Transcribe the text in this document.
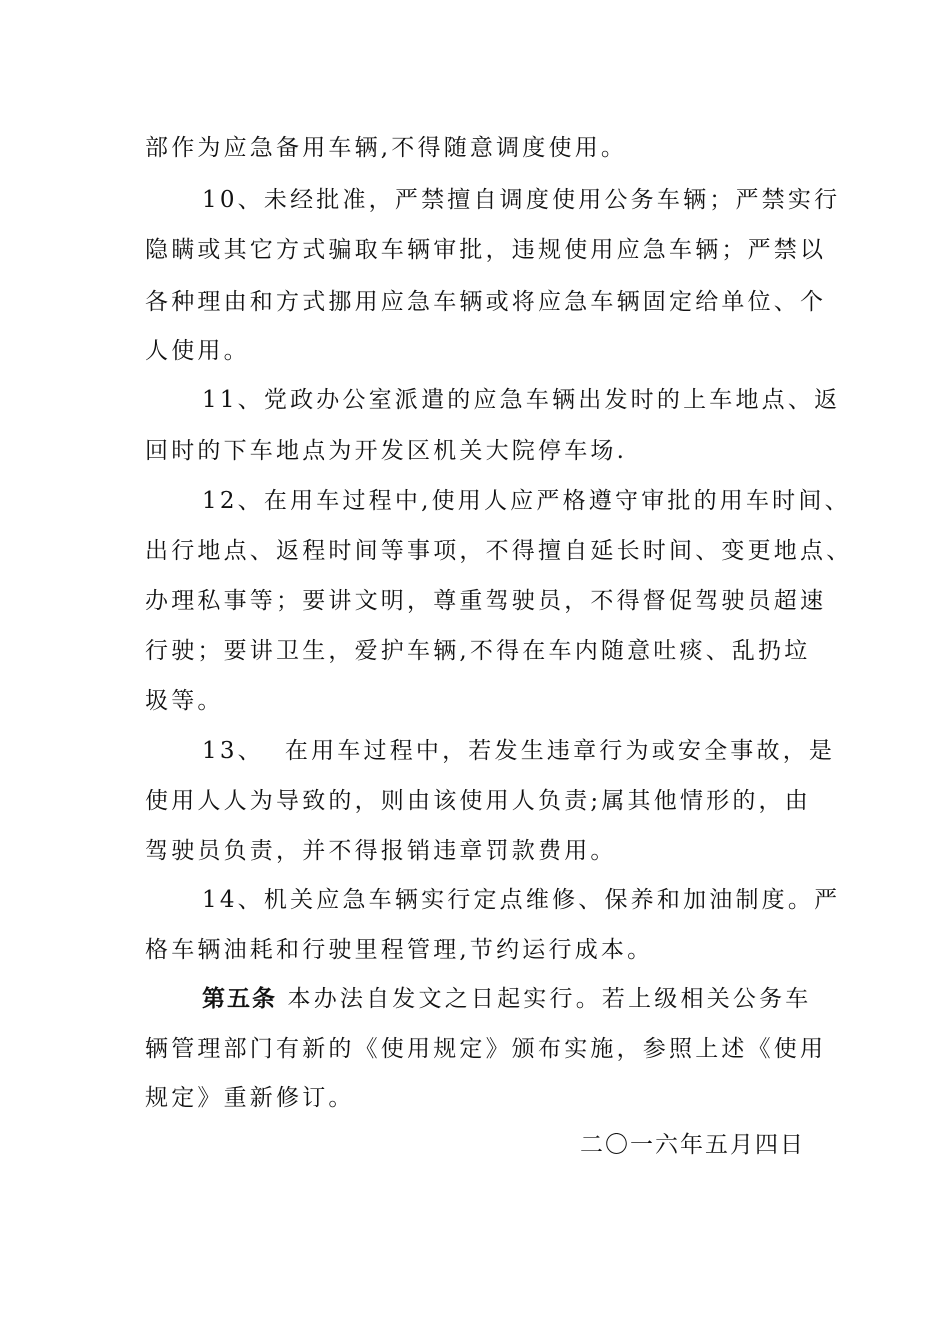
部作为应急备用车辆,不得随意调度使用。
10、未经批准，严禁擅自调度使用公务车辆；严禁实行
隐瞒或其它方式骗取车辆审批，违规使用应急车辆；严禁以
各种理由和方式挪用应急车辆或将应急车辆固定给单位、个
人使用。
11、党政办公室派遣的应急车辆出发时的上车地点、返
回时的下车地点为开发区机关大院停车场.
12、在用车过程中,使用人应严格遵守审批的用车时间、
出行地点、返程时间等事项，不得擅自延长时间、变更地点、
办理私事等；要讲文明，尊重驾驶员，不得督促驾驶员超速
行驶；要讲卫生，爱护车辆,不得在车内随意吐痰、乱扔垃
圾等。
13、  在用车过程中，若发生违章行为或安全事故，是
使用人人为导致的，则由该使用人负责;属其他情形的，由
驾驶员负责，并不得报销违章罚款费用。
14、机关应急车辆实行定点维修、保养和加油制度。严
格车辆油耗和行驶里程管理,节约运行成本。
第五条 本办法自发文之日起实行。若上级相关公务车
辆管理部门有新的《使用规定》颁布实施，参照上述《使用
规定》重新修订。
二〇一六年五月四日
